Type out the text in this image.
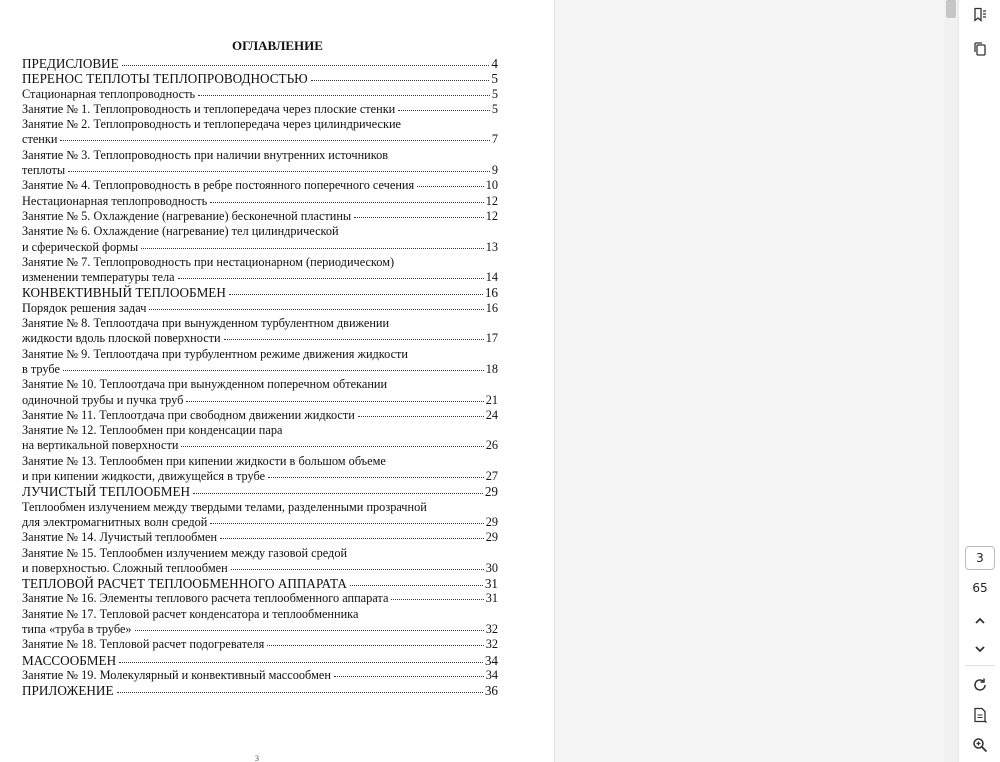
ОГЛАВЛЕНИЕ
ПРЕДИСЛОВИЕ	4
ПЕРЕНОС ТЕПЛОТЫ ТЕПЛОПРОВОДНОСТЬЮ	5
Стационарная теплопроводность	5
Занятие № 1. Теплопроводность и теплопередача через плоские стенки	5
Занятие № 2. Теплопроводность и теплопередача через цилиндрические
стенки	7
Занятие № 3. Теплопроводность при наличии внутренних источников
теплоты	9
Занятие № 4. Теплопроводность в ребре постоянного поперечного сечения	10
Нестационарная теплопроводность	12
Занятие № 5. Охлаждение (нагревание) бесконечной пластины	12
Занятие № 6. Охлаждение (нагревание) тел цилиндрической
и сферической формы	13
Занятие № 7. Теплопроводность при нестационарном (периодическом)
изменении температуры тела	14
КОНВЕКТИВНЫЙ ТЕПЛООБМЕН	16
Порядок решения задач	16
Занятие № 8. Теплоотдача при вынужденном турбулентном движении
жидкости вдоль плоской поверхности	17
Занятие № 9. Теплоотдача при турбулентном режиме движения жидкости
в трубе	18
Занятие № 10. Теплоотдача при вынужденном поперечном обтекании
одиночной трубы и пучка труб	21
Занятие № 11. Теплоотдача при свободном движении жидкости	24
Занятие № 12. Теплообмен при конденсации пара
на вертикальной поверхности	26
Занятие № 13. Теплообмен при кипении жидкости в большом объеме
и при кипении жидкости, движущейся в трубе	27
ЛУЧИСТЫЙ ТЕПЛООБМЕН	29
Теплообмен излучением между твердыми телами, разделенными прозрачной
для электромагнитных волн средой	29
Занятие № 14. Лучистый теплообмен	29
Занятие № 15. Теплообмен излучением между газовой средой
и поверхностью. Сложный теплообмен	30
ТЕПЛОВОЙ РАСЧЕТ ТЕПЛООБМЕННОГО АППАРАТА	31
Занятие № 16. Элементы теплового расчета теплообменного аппарата	31
Занятие № 17. Тепловой расчет конденсатора и теплообменника
типа «труба в трубе»	32
Занятие № 18. Тепловой расчет подогревателя	32
МАССООБМЕН	34
Занятие № 19. Молекулярный и конвективный массообмен	34
ПРИЛОЖЕНИЕ	36
3
3
65
